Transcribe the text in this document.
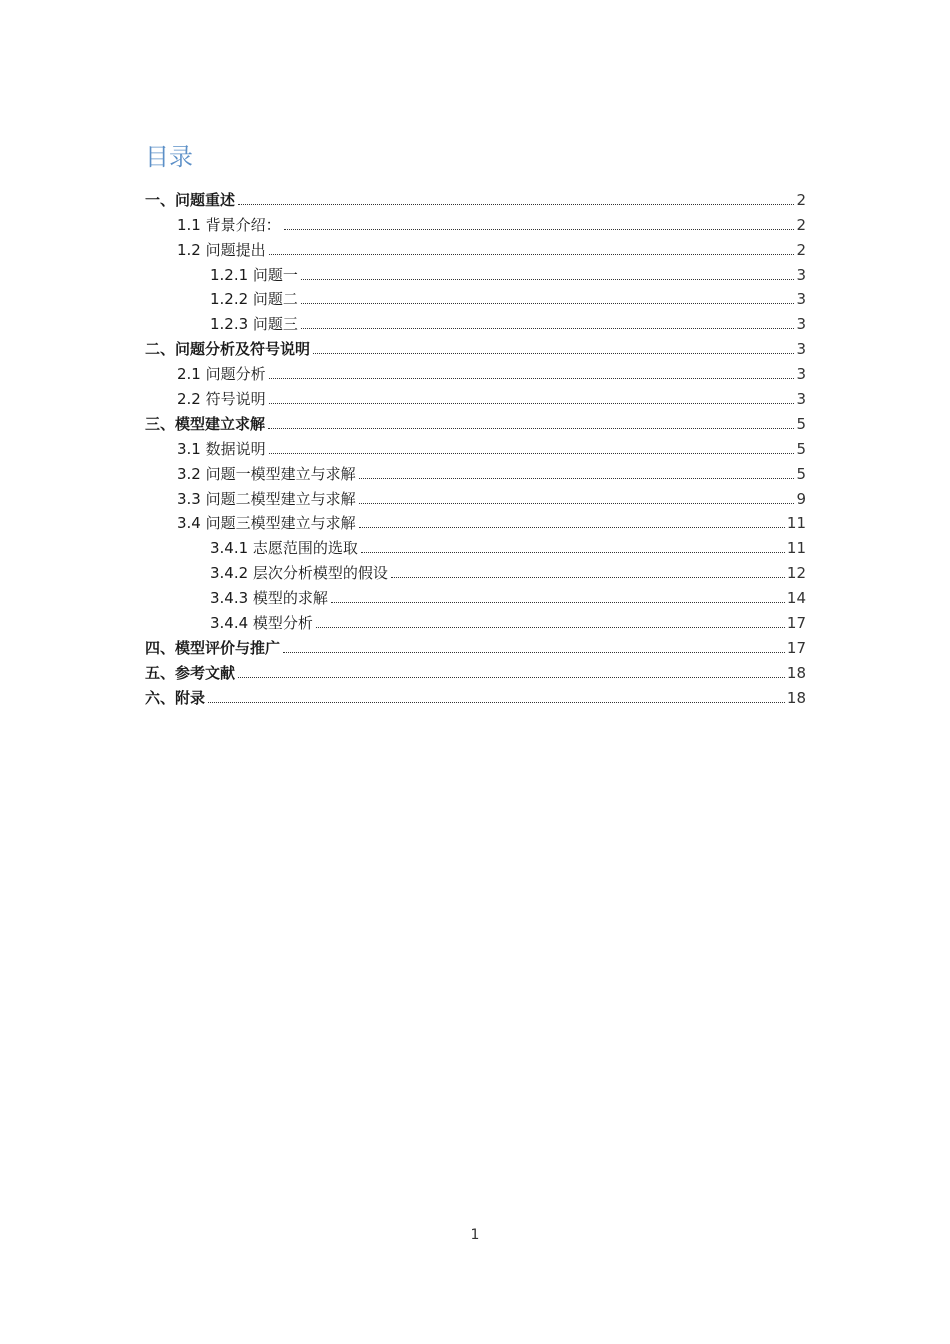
目录
一、问题重述	2
1.1 背景介绍：	2
1.2 问题提出	2
1.2.1 问题一	3
1.2.2 问题二	3
1.2.3 问题三	3
二、问题分析及符号说明	3
2.1 问题分析	3
2.2 符号说明	3
三、模型建立求解	5
3.1 数据说明	5
3.2 问题一模型建立与求解	5
3.3 问题二模型建立与求解	9
3.4 问题三模型建立与求解	11
3.4.1 志愿范围的选取	11
3.4.2 层次分析模型的假设	12
3.4.3 模型的求解	14
3.4.4 模型分析	17
四、模型评价与推广	17
五、参考文献	18
六、附录	18
1
